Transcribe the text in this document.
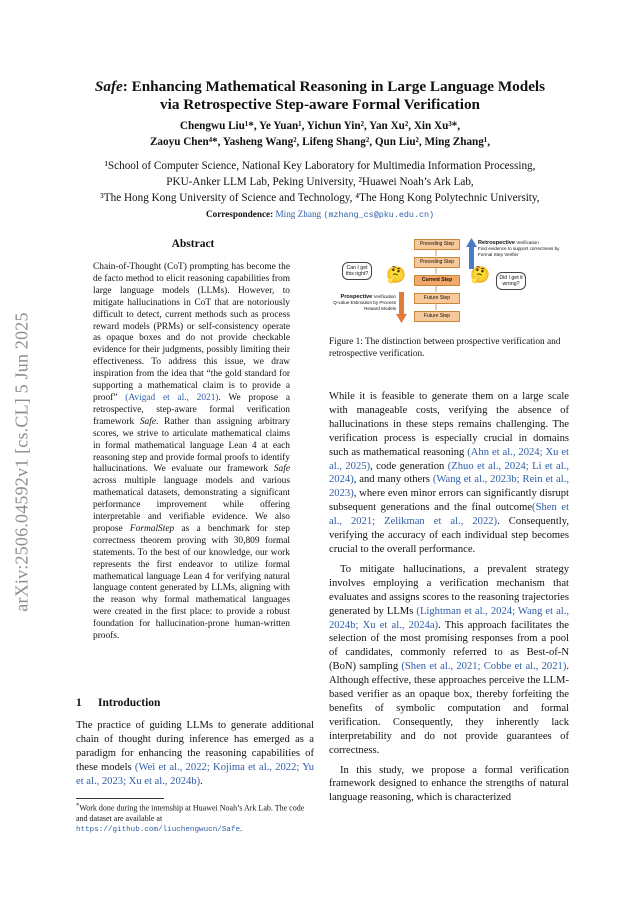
arXiv:2506.04592v1 [cs.CL] 5 Jun 2025
Safe: Enhancing Mathematical Reasoning in Large Language Models
via Retrospective Step-aware Formal Verification
Chengwu Liu¹*, Ye Yuan¹, Yichun Yin², Yan Xu², Xin Xu³*,
Zaoyu Chen⁴*, Yasheng Wang², Lifeng Shang², Qun Liu², Ming Zhang¹,
¹School of Computer Science, National Key Laboratory for Multimedia Information Processing,
PKU-Anker LLM Lab, Peking University, ²Huawei Noah’s Ark Lab,
³The Hong Kong University of Science and Technology, ⁴The Hong Kong Polytechnic University,
Correspondence: Ming Zhang (mzhang_cs@pku.edu.cn)
Abstract
Chain-of-Thought (CoT) prompting has become the de facto method to elicit reasoning capabilities from large language models (LLMs). However, to mitigate hallucinations in CoT that are notoriously difficult to detect, current methods such as process reward models (PRMs) or self-consistency operate as opaque boxes and do not provide checkable evidence for their judgments, possibly limiting their effectiveness. To address this issue, we draw inspiration from the idea that “the gold standard for supporting a mathematical claim is to provide a proof” (Avigad et al., 2021). We propose a retrospective, step-aware formal verification framework Safe. Rather than assigning arbitrary scores, we strive to articulate mathematical claims in formal mathematical language Lean 4 at each reasoning step and provide formal proofs to identify hallucinations. We evaluate our framework Safe across multiple language models and various mathematical datasets, demonstrating a significant performance improvement while offering interpretable and verifiable evidence. We also propose FormalStep as a benchmark for step correctness theorem proving with 30,809 formal statements. To the best of our knowledge, our work represents the first endeavor to utilize formal mathematical language Lean 4 for verifying natural language content generated by LLMs, aligning with the reason why formal mathematical languages were created in the first place: to provide a robust foundation for hallucination-prone human-written proofs.
1 Introduction
The practice of guiding LLMs to generate additional chain of thought during inference has emerged as a paradigm for enhancing the reasoning capabilities of these models (Wei et al., 2022; Kojima et al., 2022; Yu et al., 2023; Xu et al., 2024b).
*Work done during the internship at Huawei Noah’s Ark Lab. The code and dataset are available at https://github.com/liuchengwucn/Safe.
Preceding Step
Preceding Step
Current Step
Future Step
Future Step
🤔	🤔
Can I get this right?
Did I get it wrong?
Retrospective Verification
Find evidence to support correctness by Formal Step Verifier
Prospective Verification
Q-value Estimation by Process Reward Models
Figure 1: The distinction between prospective verification and retrospective verification.

While it is feasible to generate them on a large scale with manageable costs, verifying the absence of hallucinations in these steps remains challenging. The verification process is especially crucial in domains such as mathematical reasoning (Ahn et al., 2024; Xu et al., 2025), code generation (Zhuo et al., 2024; Li et al., 2024), and many others (Wang et al., 2023b; Rein et al., 2023), where even minor errors can significantly disrupt subsequent generations and the final outcome(Shen et al., 2021; Zelikman et al., 2022). Consequently, verifying the accuracy of each individual step becomes crucial to the overall performance.

To mitigate hallucinations, a prevalent strategy involves employing a verification mechanism that evaluates and assigns scores to the reasoning trajectories generated by LLMs (Lightman et al., 2024; Wang et al., 2024b; Xu et al., 2024a). This approach facilitates the selection of the most promising responses from a pool of candidates, commonly referred to as Best-of-N (BoN) sampling (Shen et al., 2021; Cobbe et al., 2021). Although effective, these approaches perceive the LLM-based verifier as an opaque box, thereby forfeiting the benefits of symbolic computation and formal verification. Consequently, they inherently lack interpretability and do not provide guarantees of correctness.

In this study, we propose a formal verification framework designed to enhance the strengths of natural language reasoning, which is characterized
